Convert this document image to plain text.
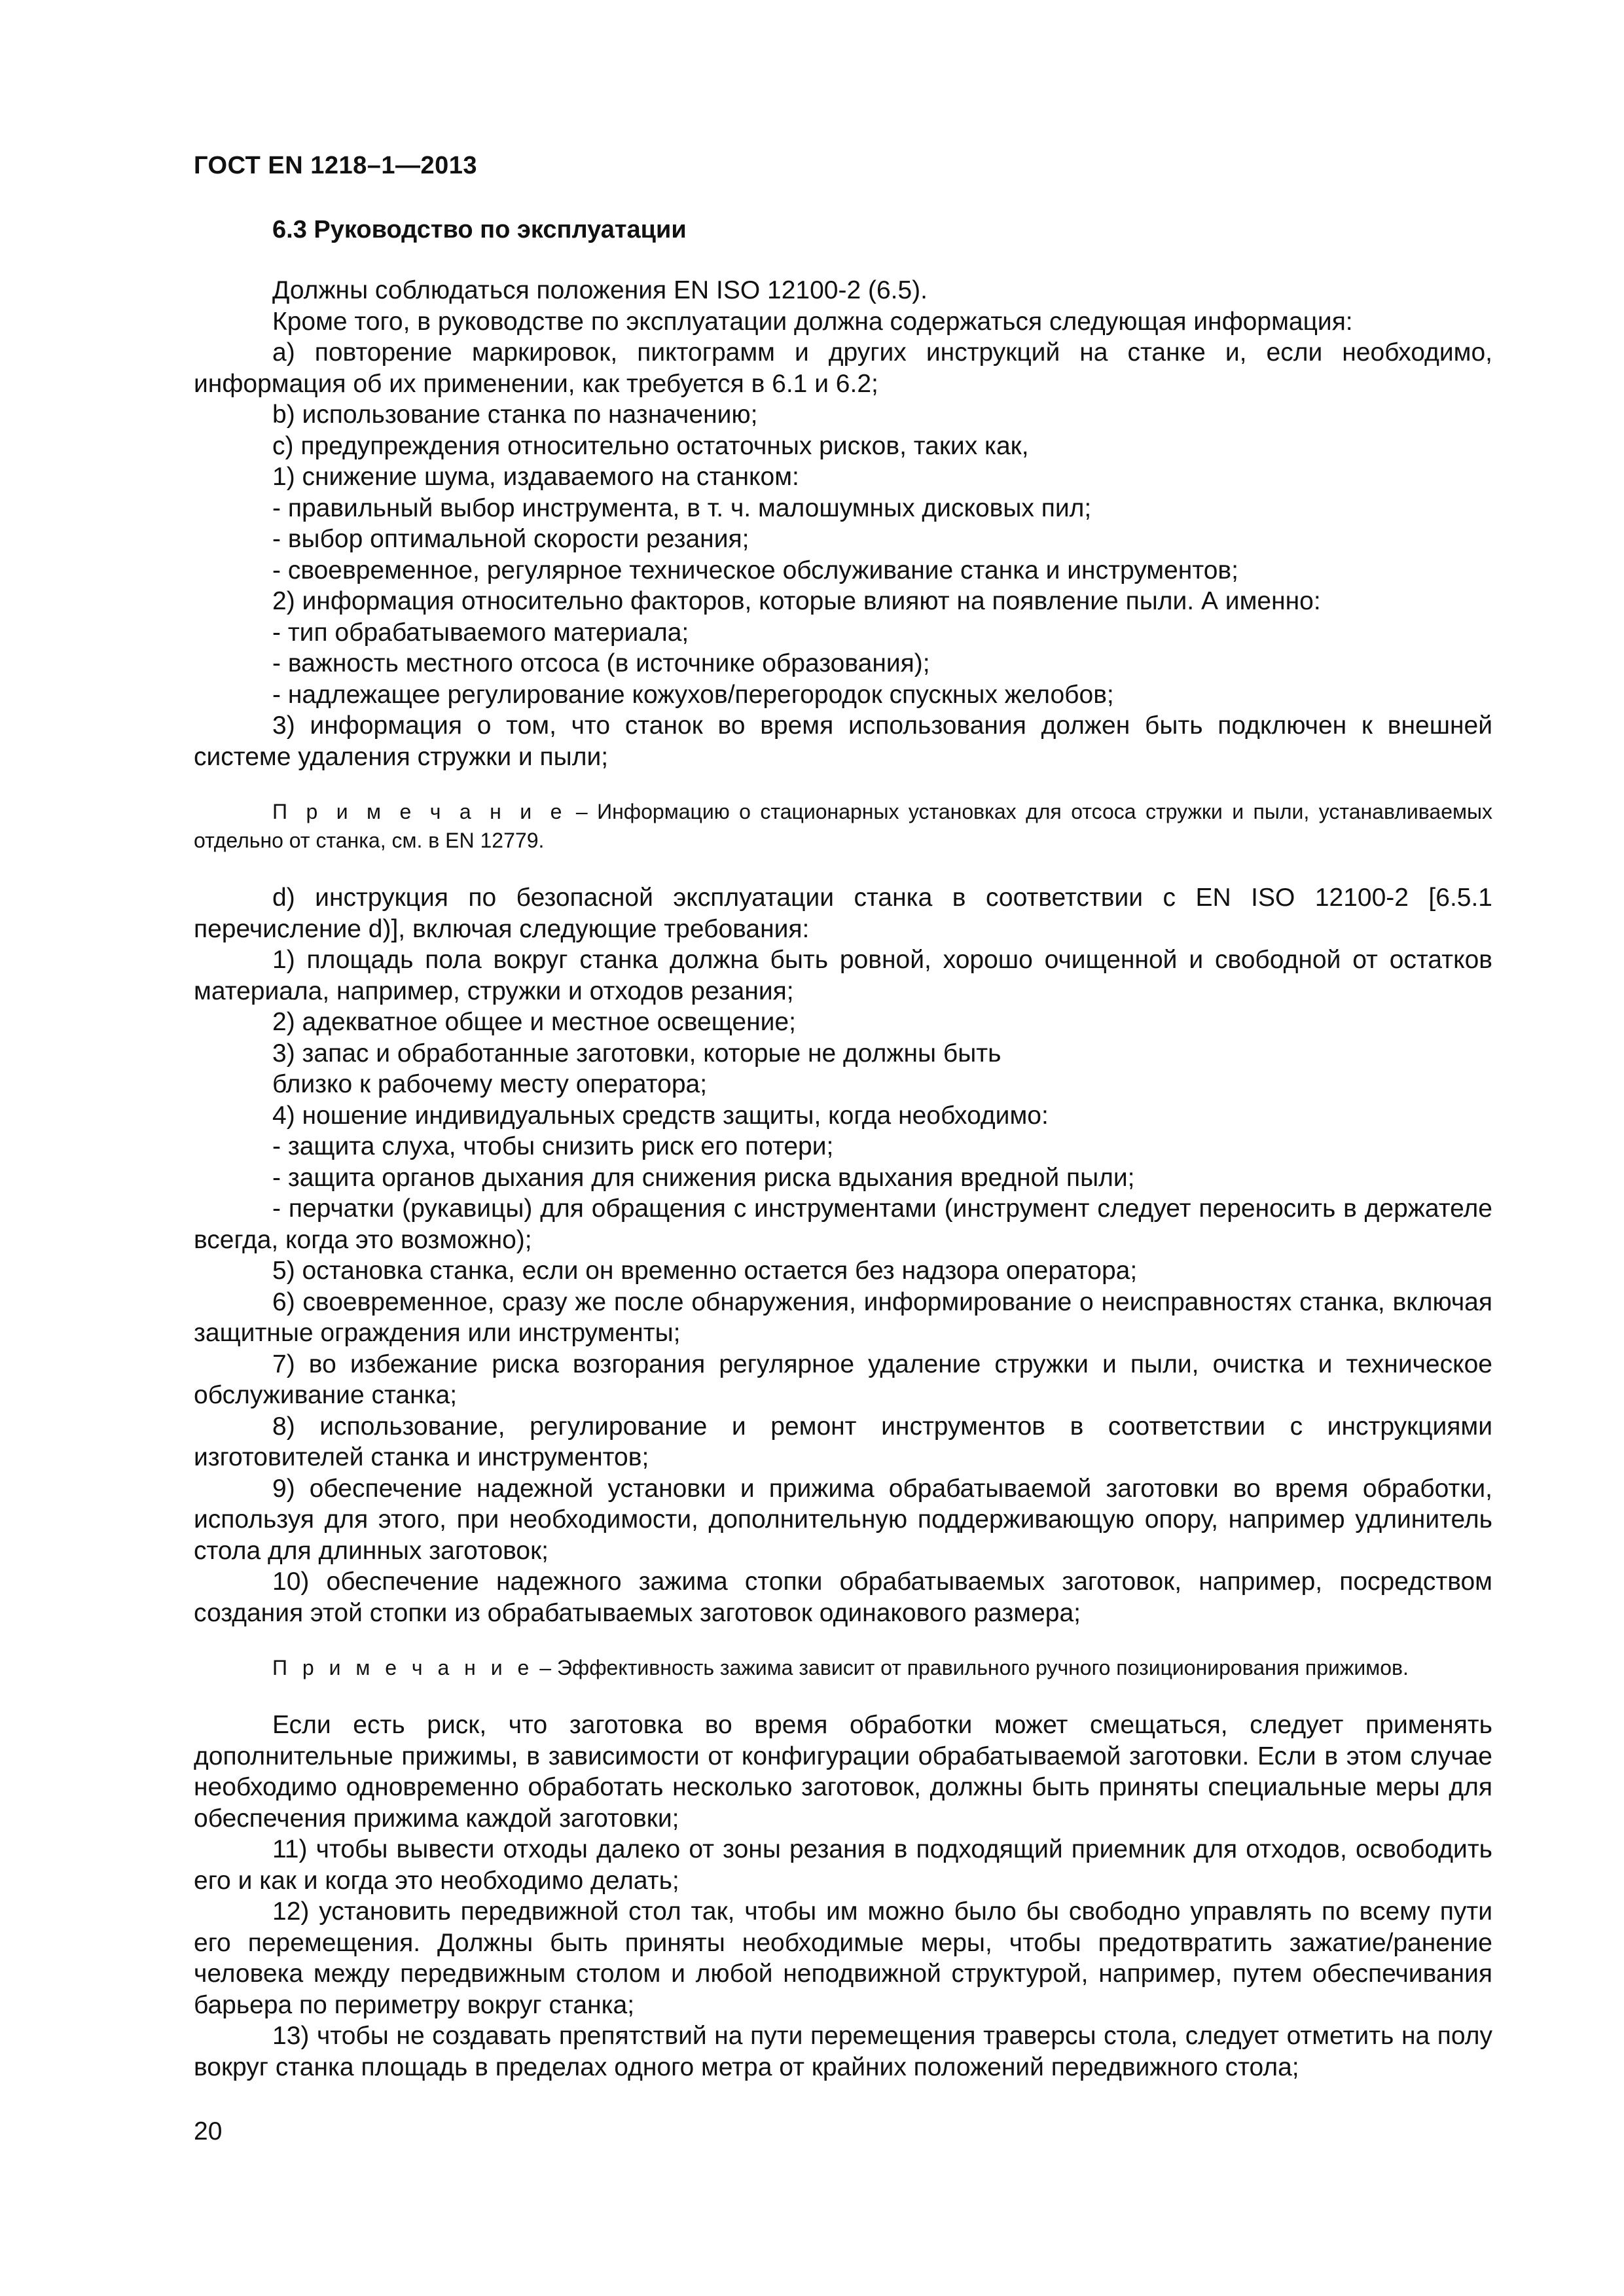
ГОСТ EN 1218–1—2013
6.3 Руководство по эксплуатации

Должны соблюдаться положения EN ISO 12100-2 (6.5).

Кроме того, в руководстве по эксплуатации должна содержаться следующая информация:

a) повторение маркировок, пиктограмм и других инструкций на станке и, если необходимо, информация об их применении, как требуется в 6.1 и 6.2;

b) использование станка по назначению;

c) предупреждения относительно остаточных рисков, таких как,

1) снижение шума, издаваемого на станком:

- правильный выбор инструмента, в т. ч. малошумных дисковых пил;

- выбор оптимальной скорости резания;

- своевременное, регулярное техническое обслуживание станка и инструментов;

2) информация относительно факторов, которые влияют на появление пыли. А именно:

- тип обрабатываемого материала;

- важность местного отсоса (в источнике образования);

- надлежащее регулирование кожухов/перегородок спускных желобов;

3) информация о том, что станок во время использования должен быть подключен к внешней системе удаления стружки и пыли;

П р и м е ч а н и е – Информацию о стационарных установках для отсоса стружки и пыли, устанавливаемых отдельно от станка, см. в EN 12779.

d) инструкция по безопасной эксплуатации станка в соответствии с EN ISO 12100-2 [6.5.1 перечисление d)], включая следующие требования:

1) площадь пола вокруг станка должна быть ровной, хорошо очищенной и свободной от остатков материала, например, стружки и отходов резания;

2) адекватное общее и местное освещение;

3) запас и обработанные заготовки, которые не должны быть

близко к рабочему месту оператора;

4) ношение индивидуальных средств защиты, когда необходимо:

- защита слуха, чтобы снизить риск его потери;

- защита органов дыхания для снижения риска вдыхания вредной пыли;

- перчатки (рукавицы) для обращения с инструментами (инструмент следует переносить в держателе всегда, когда это возможно);

5) остановка станка, если он временно остается без надзора оператора;

6) своевременное, сразу же после обнаружения, информирование о неисправностях станка, включая защитные ограждения или инструменты;

7) во избежание риска возгорания регулярное удаление стружки и пыли, очистка и техническое обслуживание станка;

8) использование, регулирование и ремонт инструментов в соответствии с инструкциями изготовителей станка и инструментов;

9) обеспечение надежной установки и прижима обрабатываемой заготовки во время обработки, используя для этого, при необходимости, дополнительную поддерживающую опору, например удлинитель стола для длинных заготовок;

10) обеспечение надежного зажима стопки обрабатываемых заготовок, например, посредством создания этой стопки из обрабатываемых заготовок одинакового размера;

П р и м е ч а н и е – Эффективность зажима зависит от правильного ручного позиционирования прижимов.

Если есть риск, что заготовка во время обработки может смещаться, следует применять дополнительные прижимы, в зависимости от конфигурации обрабатываемой заготовки. Если в этом случае необходимо одновременно обработать несколько заготовок, должны быть приняты специальные меры для обеспечения прижима каждой заготовки;

11) чтобы вывести отходы далеко от зоны резания в подходящий приемник для отходов, освободить его и как и когда это необходимо делать;

12) установить передвижной стол так, чтобы им можно было бы свободно управлять по всему пути его перемещения. Должны быть приняты необходимые меры, чтобы предотвратить зажатие/ранение человека между передвижным столом и любой неподвижной структурой, например, путем обеспечивания барьера по периметру вокруг станка;

13) чтобы не создавать препятствий на пути перемещения траверсы стола, следует отметить на полу вокруг станка площадь в пределах одного метра от крайних положений передвижного стола;

20
